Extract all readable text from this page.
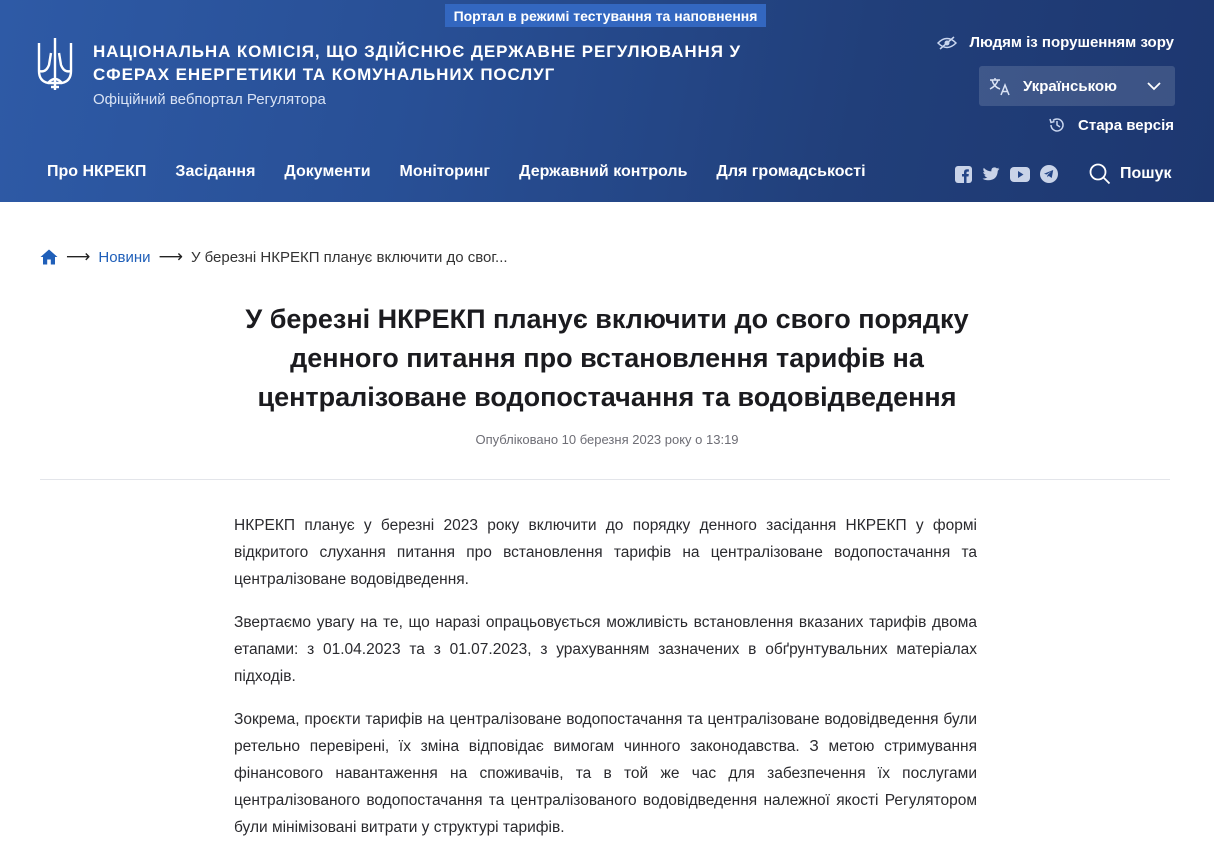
Портал в режимі тестування та наповнення
НАЦІОНАЛЬНА КОМІСІЯ, ЩО ЗДІЙСНЮЄ ДЕРЖАВНЕ РЕГУЛЮВАННЯ У СФЕРАХ ЕНЕРГЕТИКИ ТА КОМУНАЛЬНИХ ПОСЛУГ
Офіційний вебпортал Регулятора
Людям із порушенням зору
Українською
Стара версія
Про НКРЕКП Засідання Документи Моніторинг Державний контроль Для громадськості	Пошук
⟶ Новини ⟶ У березні НКРЕКП планує включити до свог...
У березні НКРЕКП планує включити до свого порядку денного питання про встановлення тарифів на централізоване водопостачання та водовідведення
Опубліковано 10 березня 2023 року о 13:19

НКРЕКП планує у березні 2023 року включити до порядку денного засідання НКРЕКП у формі відкритого слухання питання про встановлення тарифів на централізоване водопостачання та централізоване водовідведення.

Звертаємо увагу на те, що наразі опрацьовується можливість встановлення вказаних тарифів двома етапами: з 01.04.2023 та з 01.07.2023, з урахуванням зазначених в обґрунтувальних матеріалах підходів.

Зокрема, проєкти тарифів на централізоване водопостачання та централізоване водовідведення були ретельно перевірені, їх зміна відповідає вимогам чинного законодавства. З метою стримування фінансового навантаження на споживачів, та в той же час для забезпечення їх послугами централізованого водопостачання та централізованого водовідведення належної якості Регулятором були мінімізовані витрати у структурі тарифів.
